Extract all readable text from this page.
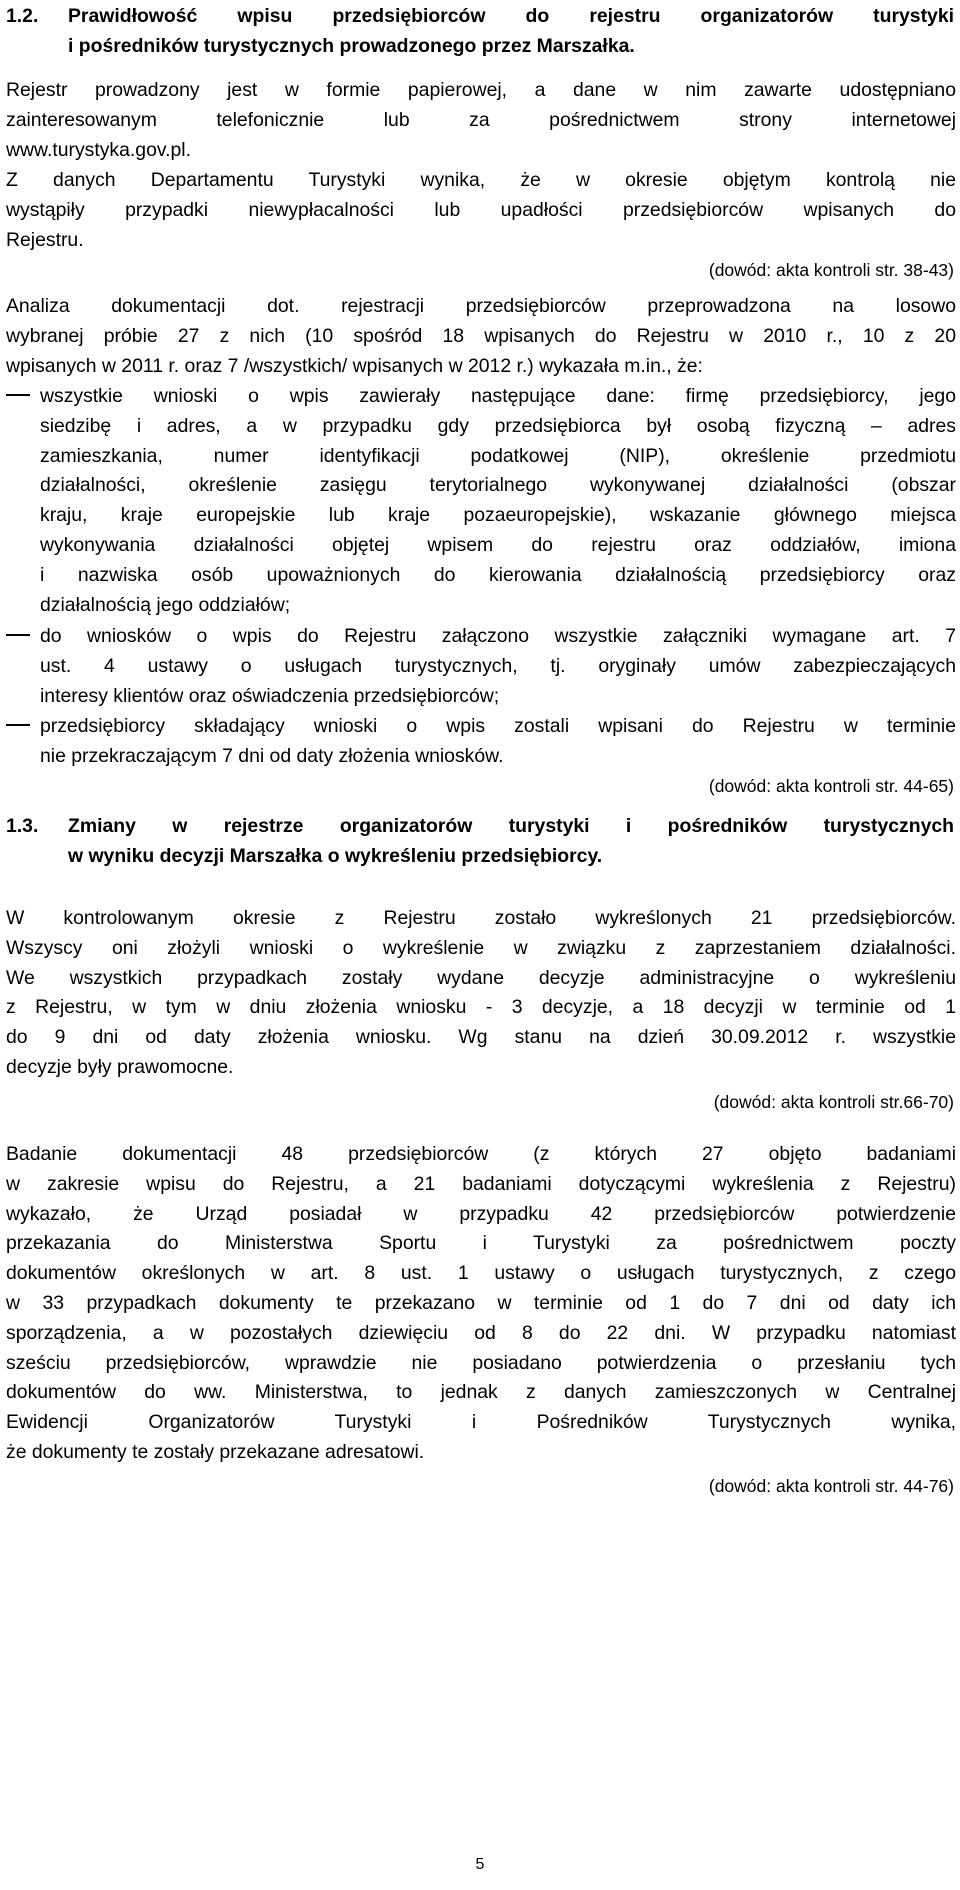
1.2. Prawidłowość wpisu przedsiębiorców do rejestru organizatorów turystyki
i pośredników turystycznych prowadzonego przez Marszałka.
Rejestr prowadzony jest w formie papierowej, a dane w nim zawarte udostępniano
zainteresowanym telefonicznie lub za pośrednictwem strony internetowej
www.turystyka.gov.pl.
Z danych Departamentu Turystyki wynika, że w okresie objętym kontrolą nie
wystąpiły przypadki niewypłacalności lub upadłości przedsiębiorców wpisanych do
Rejestru.
(dowód: akta kontroli str. 38-43)
Analiza dokumentacji dot. rejestracji przedsiębiorców przeprowadzona na losowo
wybranej próbie 27 z nich (10 spośród 18 wpisanych do Rejestru w 2010 r., 10 z 20
wpisanych w 2011 r. oraz 7 /wszystkich/ wpisanych w 2012 r.) wykazała m.in., że:
wszystkie wnioski o wpis zawierały następujące dane: firmę przedsiębiorcy, jego
siedzibę i adres, a w przypadku gdy przedsiębiorca był osobą fizyczną – adres
zamieszkania, numer identyfikacji podatkowej (NIP), określenie przedmiotu
działalności, określenie zasięgu terytorialnego wykonywanej działalności (obszar
kraju, kraje europejskie lub kraje pozaeuropejskie), wskazanie głównego miejsca
wykonywania działalności objętej wpisem do rejestru oraz oddziałów, imiona
i nazwiska osób upoważnionych do kierowania działalnością przedsiębiorcy oraz
działalnością jego oddziałów;
do wniosków o wpis do Rejestru załączono wszystkie załączniki wymagane art. 7
ust. 4 ustawy o usługach turystycznych, tj. oryginały umów zabezpieczających
interesy klientów oraz oświadczenia przedsiębiorców;
przedsiębiorcy składający wnioski o wpis zostali wpisani do Rejestru w terminie
nie przekraczającym 7 dni od daty złożenia wniosków.
(dowód: akta kontroli str. 44-65)
1.3. Zmiany w rejestrze organizatorów turystyki i pośredników turystycznych
w wyniku decyzji Marszałka o wykreśleniu przedsiębiorcy.
W kontrolowanym okresie z Rejestru zostało wykreślonych 21 przedsiębiorców.
Wszyscy oni złożyli wnioski o wykreślenie w związku z zaprzestaniem działalności.
We wszystkich przypadkach zostały wydane decyzje administracyjne o wykreśleniu
z Rejestru, w tym w dniu złożenia wniosku - 3 decyzje, a 18 decyzji w terminie od 1
do 9 dni od daty złożenia wniosku. Wg stanu na dzień 30.09.2012 r. wszystkie
decyzje były prawomocne.
(dowód: akta kontroli str.66-70)
Badanie dokumentacji 48 przedsiębiorców (z których 27 objęto badaniami
w zakresie wpisu do Rejestru, a 21 badaniami dotyczącymi wykreślenia z Rejestru)
wykazało, że Urząd posiadał w przypadku 42 przedsiębiorców potwierdzenie
przekazania do Ministerstwa Sportu i Turystyki za pośrednictwem poczty
dokumentów określonych w art. 8 ust. 1 ustawy o usługach turystycznych, z czego
w 33 przypadkach dokumenty te przekazano w terminie od 1 do 7 dni od daty ich
sporządzenia, a w pozostałych dziewięciu od 8 do 22 dni. W przypadku natomiast
sześciu przedsiębiorców, wprawdzie nie posiadano potwierdzenia o przesłaniu tych
dokumentów do ww. Ministerstwa, to jednak z danych zamieszczonych w Centralnej
Ewidencji Organizatorów Turystyki i Pośredników Turystycznych wynika,
że dokumenty te zostały przekazane adresatowi.
(dowód: akta kontroli str. 44-76)
5
